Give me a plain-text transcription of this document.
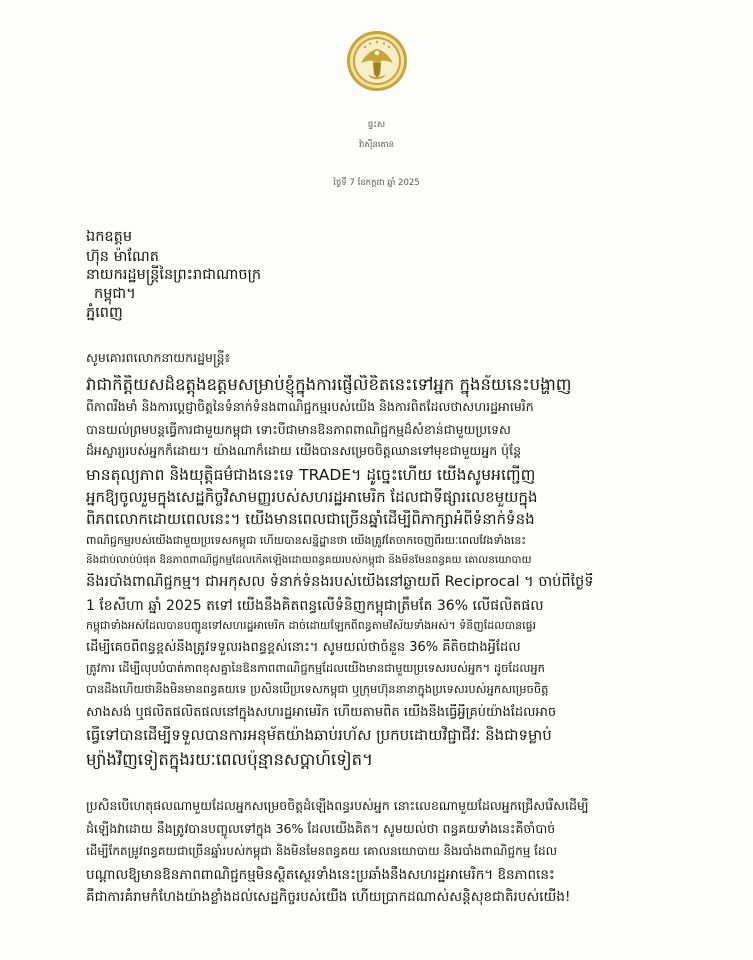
ផ្ទះស
វ៉ាស៊ីនតោន
ថ្ងៃទី 7 ខែកក្កដា ឆ្នាំ 2025
ឯកឧត្តម
ហ៊ុន ម៉ាណែត
នាយករដ្ឋមន្ត្រីនៃព្រះរាជាណាចក្រ
កម្ពុជា។
ភ្នំពេញ
សូមគោរពលោកនាយករដ្ឋមន្ត្រី៖
វាជាកិត្តិយសដ៏ឧត្តុងឧត្តមសម្រាប់ខ្ញុំក្នុងការផ្ញើលិខិតនេះទៅអ្នក ក្នុងន័យនេះបង្ហាញ
ពីភាពរឹងមាំ និងការប្តេជ្ញាចិត្តនៃទំនាក់ទំនងពាណិជ្ជកម្មរបស់យើង និងការពិតដែលថាសហរដ្ឋអាមេរិក
បានយល់ព្រមបន្តធ្វើការជាមួយកម្ពុជា ទោះបីជាមានឱនភាពពាណិជ្ជកម្មដ៏សំខាន់ជាមួយប្រទេស
ដ៏អស្ចារ្យរបស់អ្នកក៏ដោយ។ យ៉ាងណាក៏ដោយ យើងបានសម្រេចចិត្តឈានទៅមុខជាមួយអ្នក ប៉ុន្តែ
មានតុល្យភាព និងយុត្តិធម៌ជាងនេះទេ TRADE។ ដូច្នេះហើយ យើងសូមអញ្ជើញ
អ្នកឱ្យចូលរួមក្នុងសេដ្ឋកិច្ចវិសាមញ្ញរបស់សហរដ្ឋអាមេរិក ដែលជាទីផ្សារលេខមួយក្នុង
ពិភពលោកដោយពេលនេះ។ យើងមានពេលជាច្រើនឆ្នាំដើម្បីពិភាក្សាអំពីទំនាក់ទំនង
ពាណិជ្ជកម្មរបស់យើងជាមួយប្រទេសកម្ពុជា ហើយបានសន្និដ្ឋានថា យើងត្រូវតែចាកចេញពីរយៈពេលវែងទាំងនេះ
និងជាប់លាប់បំផុត ឱនភាពពាណិជ្ជកម្មដែលកើតឡើងដោយពន្ធគយរបស់កម្ពុជា និងមិនមែនពន្ធគយ គោលនយោបាយ
និងរបាំងពាណិជ្ជកម្ម។ ជាអកុសល ទំនាក់ទំនងរបស់យើងនៅឆ្ងាយពី Reciprocal ។ ចាប់ពីថ្ងៃទី
1 ខែសីហា ឆ្នាំ 2025 តទៅ យើងនឹងគិតពន្ធលើទំនិញកម្ពុជាត្រឹមតែ 36% លើផលិតផល
កម្ពុជាទាំងអស់ដែលបានបញ្ជូនទៅសហរដ្ឋអាមេរិក ដាច់ដោយឡែកពីពន្ធតាមវិស័យទាំងអស់។ ទំនិញដែលបានផ្ទេរ
ដើម្បីគេចពីពន្ធខ្ពស់នឹងត្រូវទទួលរងពន្ធខ្ពស់នោះ។ សូមយល់ថាចំនួន 36% គឺតិចជាងអ្វីដែល
ត្រូវការ ដើម្បីលុបបំបាត់ភាពខុសគ្នានៃឱនភាពពាណិជ្ជកម្មដែលយើងមានជាមួយប្រទេសរបស់អ្នក។ ដូចដែលអ្នក
បានដឹងហើយថានឹងមិនមានពន្ធគយទេ ប្រសិនបើប្រទេសកម្ពុជា ឬក្រុមហ៊ុននានាក្នុងប្រទេសរបស់អ្នកសម្រេចចិត្ត
សាងសង់ ឬផលិតផលិតផលនៅក្នុងសហរដ្ឋអាមេរិក ហើយតាមពិត យើងនឹងធ្វើអ្វីគ្រប់យ៉ាងដែលអាច
ធ្វើទៅបានដើម្បីទទួលបានការអនុម័តយ៉ាងឆាប់រហ័ស ប្រកបដោយវិជ្ជាជីវៈ និងជាទម្លាប់
ម្យ៉ាងវិញទៀតក្នុងរយៈពេលប៉ុន្មានសប្តាហ៍ទៀត។
ប្រសិនបើហេតុផលណាមួយដែលអ្នកសម្រេចចិត្តដំឡើងពន្ធរបស់អ្នក នោះលេខណាមួយដែលអ្នកជ្រើសរើសដើម្បី
ដំឡើងវាដោយ នឹងត្រូវបានបញ្ចូលទៅក្នុង 36% ដែលយើងគិត។ សូមយល់ថា ពន្ធគយទាំងនេះគឺចាំបាច់
ដើម្បីកែតម្រូវពន្ធគយជាច្រើនឆ្នាំរបស់កម្ពុជា និងមិនមែនពន្ធគយ គោលនយោបាយ និងរបាំងពាណិជ្ជកម្ម ដែល
បណ្តាលឱ្យមានឱនភាពពាណិជ្ជកម្មមិនស្ថិតស្ថេរទាំងនេះប្រឆាំងនឹងសហរដ្ឋអាមេរិក។ ឱនភាពនេះ
គឺជាការគំរាមកំហែងយ៉ាងខ្លាំងដល់សេដ្ឋកិច្ចរបស់យើង ហើយប្រាកដណាស់សន្តិសុខជាតិរបស់យើង!
